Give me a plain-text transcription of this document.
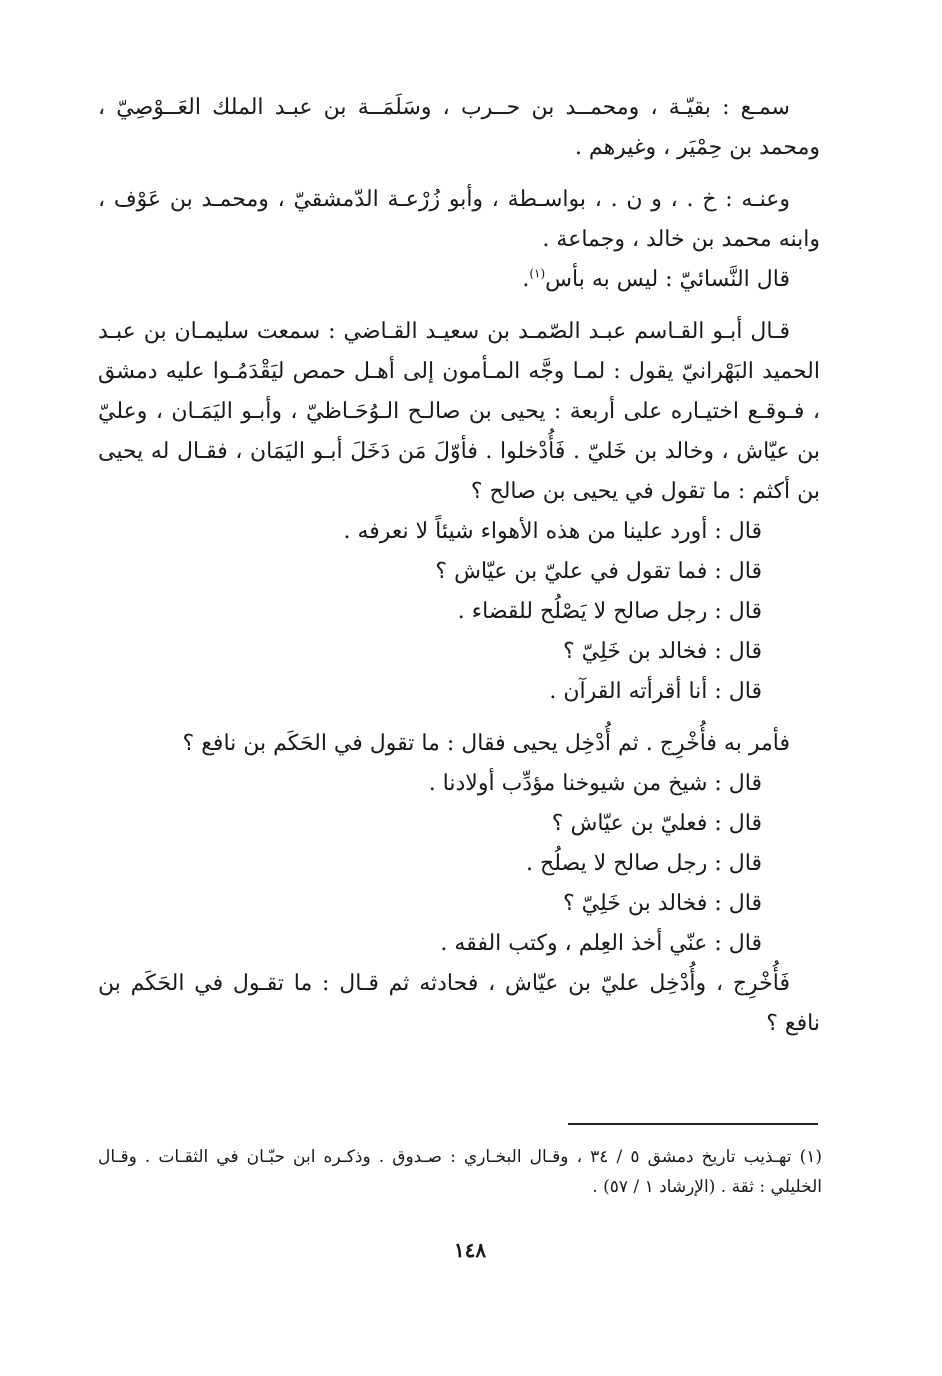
سمـع : بقيّـة ، ومحمــد بن حــرب ، وسَلَمَــة بن عبـد الملك العَــوْصِيّ ، ومحمد بن حِمْيَر ، وغيرهم .

وعنـه : خ . ، و ن . ، بواسـطة ، وأبو زُرْعـة الدّمشقيّ ، ومحمـد بن عَوْف ، وابنه محمد بن خالد ، وجماعة .

قال النَّسائيّ : ليس به بأس$^{(١)}$.

قـال أبـو القـاسم عبـد الصّمـد بن سعيـد القـاضي : سمعت سليمـان بن عبـد الحميد البَهْرانيّ يقول : لمـا وجَّه المـأمون إلى أهـل حمص ليَقْدَمُـوا عليه دمشق ، فـوقـع اختيـاره على أربعة : يحيى بن صالـح الـوُحَـاظيّ ، وأبـو اليَمَـان ، وعليّ بن عيّاش ، وخالد بن خَليّ . فَأُدْخلوا . فأوّلَ مَن دَخَلَ أبـو اليَمَان ، فقـال له يحيى بن أكثم : ما تقول في يحيى بن صالح ؟

قال : أورد علينا من هذه الأهواء شيئاً لا نعرفه .

قال : فما تقول في عليّ بن عيّاش ؟

قال : رجل صالح لا يَصْلُح للقضاء .

قال : فخالد بن خَلِيّ ؟

قال : أنا أقرأته القرآن .

فأمر به فأُخْرِج . ثم أُدْخِل يحيى فقال : ما تقول في الحَكَم بن نافع ؟

قال : شيخ من شيوخنا مؤدِّب أولادنا .

قال : فعليّ بن عيّاش ؟

قال : رجل صالح لا يصلُح .

قال : فخالد بن خَلِيّ ؟

قال : عنّي أخذ العِلم ، وكتب الفقه .

فَأُخْرِج ، وأُدْخِل عليّ بن عيّاش ، فحادثه ثم قـال : ما تقـول في الحَكَم بن نافع ؟

(١) تهـذيب تاريخ دمشق ٥ / ٣٤ ، وقـال البخـاري : صـدوق . وذكـره ابن حبّـان في الثقـات . وقـال الخليلي : ثقة . (الإرشاد ١ / ٥٧) .
١٤٨
